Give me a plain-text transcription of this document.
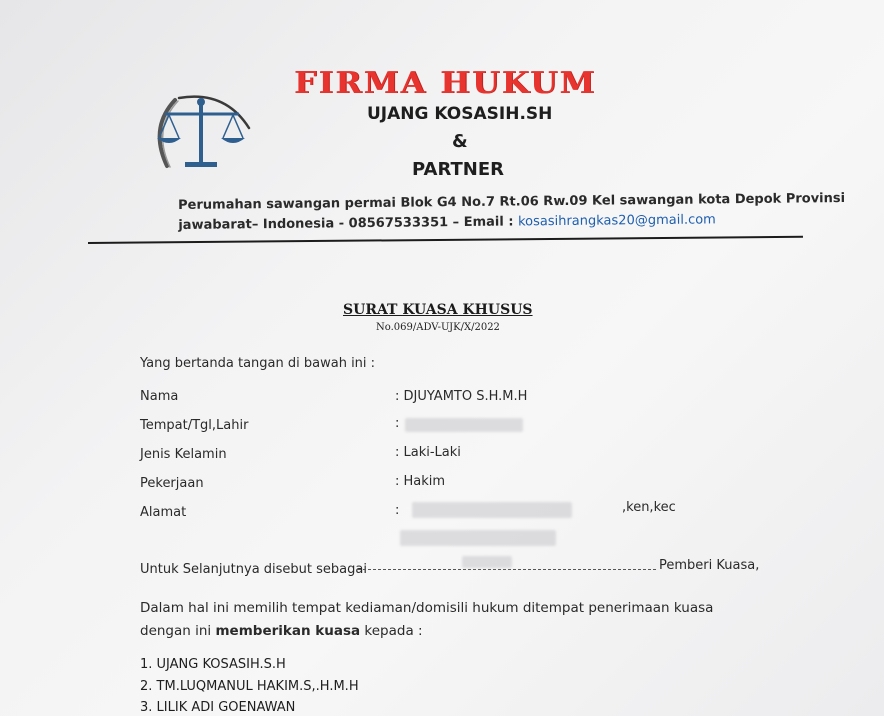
FIRMA HUKUM
UJANG KOSASIH.SH
&
PARTNER
Perumahan sawangan permai Blok G4 No.7 Rt.06 Rw.09 Kel sawangan kota Depok Provinsi
jawabarat– Indonesia - 08567533351 – Email : kosasihrangkas20@gmail.com
SURAT KUASA KHUSUS
No.069/ADV-UJK/X/2022
Yang bertanda tangan di bawah ini :
Nama	: DJUYAMTO S.H.M.H
Tempat/Tgl,Lahir	:
Jenis Kelamin	: Laki-Laki
Pekerjaan	: Hakim
Alamat	:	,ken,kec
Untuk Selanjutnya disebut sebagai	Pemberi Kuasa,
Dalam hal ini memilih tempat kediaman/domisili hukum ditempat penerimaan kuasa
dengan ini memberikan kuasa kepada :
1. UJANG KOSASIH.S.H
2. TM.LUQMANUL HAKIM.S,.H.M.H
3. LILIK ADI GOENAWAN
